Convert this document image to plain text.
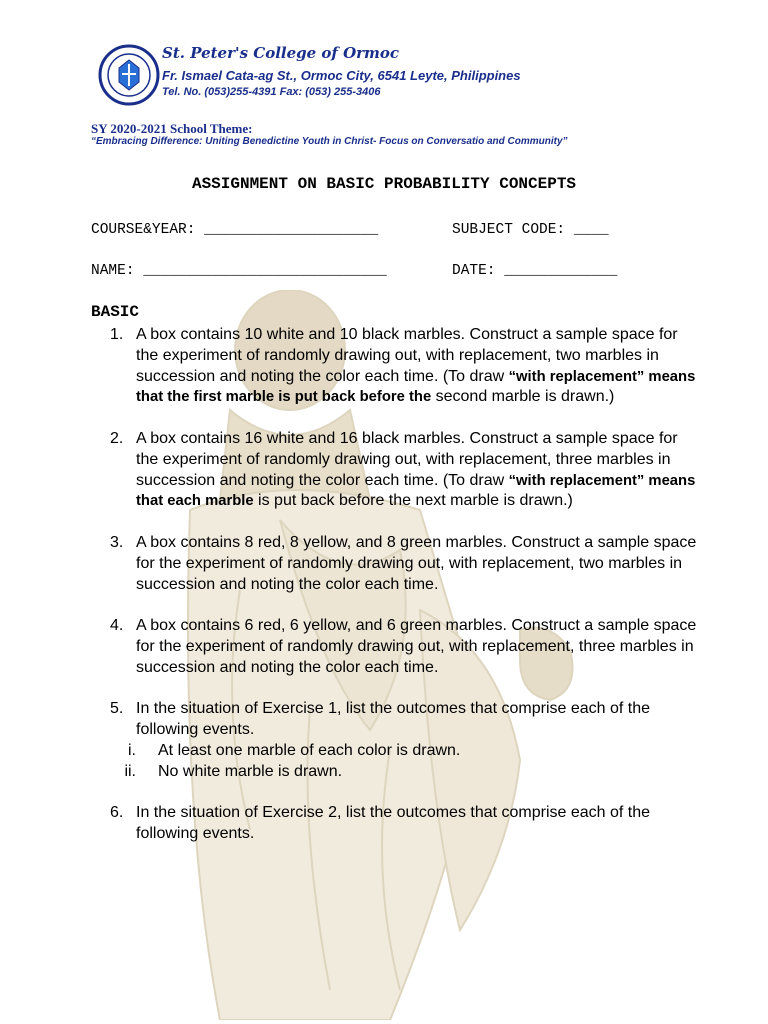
St. Peter's College of Ormoc
Fr. Ismael Cata-ag St., Ormoc City, 6541 Leyte, Philippines
Tel. No. (053)255-4391 Fax: (053) 255-3406
SY 2020-2021 School Theme:
“Embracing Difference: Uniting Benedictine Youth in Christ- Focus on Conversatio and Community”
ASSIGNMENT ON BASIC PROBABILITY CONCEPTS
COURSE&YEAR: ____________________	SUBJECT CODE: ____
NAME: ____________________________	DATE: _____________
BASIC
1. A box contains 10 white and 10 black marbles. Construct a sample space for the experiment of randomly drawing out, with replacement, two marbles in succession and noting the color each time. (To draw “with replacement” means that the first marble is put back before the second marble is drawn.)
2. A box contains 16 white and 16 black marbles. Construct a sample space for the experiment of randomly drawing out, with replacement, three marbles in succession and noting the color each time. (To draw “with replacement” means that each marble is put back before the next marble is drawn.)
3. A box contains 8 red, 8 yellow, and 8 green marbles. Construct a sample space for the experiment of randomly drawing out, with replacement, two marbles in succession and noting the color each time.
4. A box contains 6 red, 6 yellow, and 6 green marbles. Construct a sample space for the experiment of randomly drawing out, with replacement, three marbles in succession and noting the color each time.
5. In the situation of Exercise 1, list the outcomes that comprise each of the following events.
i. At least one marble of each color is drawn.
ii. No white marble is drawn.
6. In the situation of Exercise 2, list the outcomes that comprise each of the following events.
